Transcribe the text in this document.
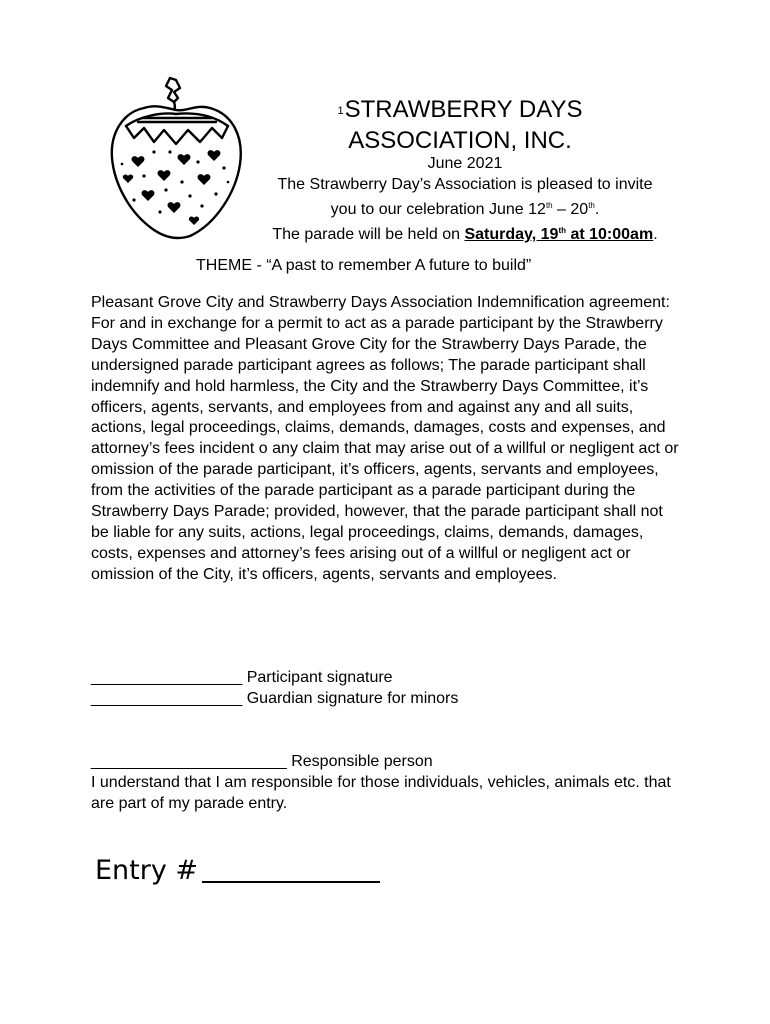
$^1$STRAWBERRY DAYS
ASSOCIATION, INC.
June 2021
The Strawberry Day’s Association is pleased to invite
you to our celebration June 12th – 20th.
The parade will be held on Saturday, 19th at 10:00am.
THEME - “A past to remember A future to build”

Pleasant Grove City and Strawberry Days Association Indemnification agreement:

For and in exchange for a permit to act as a parade participant by the Strawberry Days Committee and Pleasant Grove City for the Strawberry Days Parade, the undersigned parade participant agrees as follows; The parade participant shall indemnify and hold harmless, the City and the Strawberry Days Committee, it’s officers, agents, servants, and employees from and against any and all suits, actions, legal proceedings, claims, demands, damages, costs and expenses, and attorney’s fees incident o any claim that may arise out of a willful or negligent act or omission of the parade participant, it’s officers, agents, servants and employees, from the activities of the parade participant as a parade participant during the Strawberry Days Parade; provided, however, that the parade participant shall not be liable for any suits, actions, legal proceedings, claims, demands, damages, costs, expenses and attorney’s fees arising out of a willful or negligent act or omission of the City, it’s officers, agents, servants and employees.

_________________ Participant signature
_________________ Guardian signature for minors
______________________ Responsible person
I understand that I am responsible for those individuals, vehicles, animals etc. that are part of my parade entry.
Entry #
